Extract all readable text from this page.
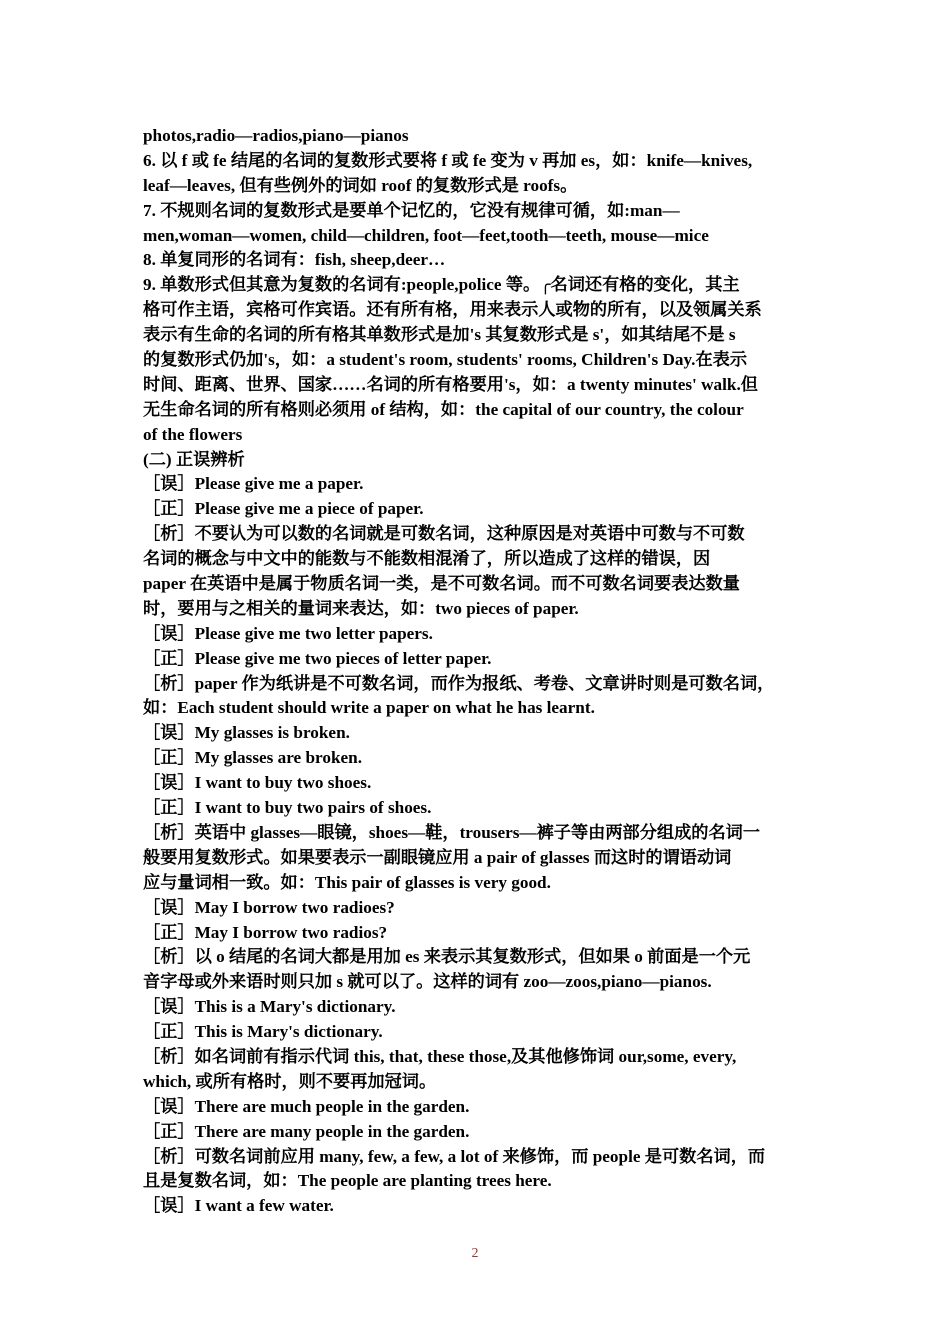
photos,radio—radios,piano—pianos
6. 以 f 或 fe 结尾的名词的复数形式要将 f 或 fe 变为 v 再加 es，如：knife—knives,
leaf—leaves, 但有些例外的词如 roof 的复数形式是 roofs。
7. 不规则名词的复数形式是要单个记忆的，它没有规律可循，如:man—
men,woman—women, child—children, foot—feet,tooth—teeth, mouse—mice
8. 单复同形的名词有：fish, sheep,deer…
9. 单数形式但其意为复数的名词有:people,police 等。╭名词还有格的变化，其主
格可作主语，宾格可作宾语。还有所有格，用来表示人或物的所有，以及领属关系
表示有生命的名词的所有格其单数形式是加's 其复数形式是 s'，如其结尾不是 s
的复数形式仍加's，如：a student's room, students' rooms, Children's Day.在表示
时间、距离、世界、国家……名词的所有格要用's，如：a twenty minutes' walk.但
无生命名词的所有格则必须用 of 结构，如：the capital of our country, the colour
of the flowers
(二) 正误辨析
［误］Please give me a paper.
［正］Please give me a piece of paper.
［析］不要认为可以数的名词就是可数名词，这种原因是对英语中可数与不可数
名词的概念与中文中的能数与不能数相混淆了，所以造成了这样的错误，因
paper 在英语中是属于物质名词一类，是不可数名词。而不可数名词要表达数量
时，要用与之相关的量词来表达，如：two pieces of paper.
［误］Please give me two letter papers.
［正］Please give me two pieces of letter paper.
［析］paper 作为纸讲是不可数名词，而作为报纸、考卷、文章讲时则是可数名词，
如：Each student should write a paper on what he has learnt.
［误］My glasses is broken.
［正］My glasses are broken.
［误］I want to buy two shoes.
［正］I want to buy two pairs of shoes.
［析］英语中 glasses—眼镜，shoes—鞋，trousers—裤子等由两部分组成的名词一
般要用复数形式。如果要表示一副眼镜应用 a pair of glasses 而这时的谓语动词
应与量词相一致。如：This pair of glasses is very good.
［误］May I borrow two radioes?
［正］May I borrow two radios?
［析］以 o 结尾的名词大都是用加 es 来表示其复数形式，但如果 o 前面是一个元
音字母或外来语时则只加 s 就可以了。这样的词有 zoo—zoos,piano—pianos.
［误］This is a Mary's dictionary.
［正］This is Mary's dictionary.
［析］如名词前有指示代词 this, that, these those,及其他修饰词 our,some, every,
which, 或所有格时，则不要再加冠词。
［误］There are much people in the garden.
［正］There are many people in the garden.
［析］可数名词前应用 many, few, a few, a lot of 来修饰，而 people 是可数名词，而
且是复数名词，如：The people are planting trees here.
［误］I want a few water.
2
